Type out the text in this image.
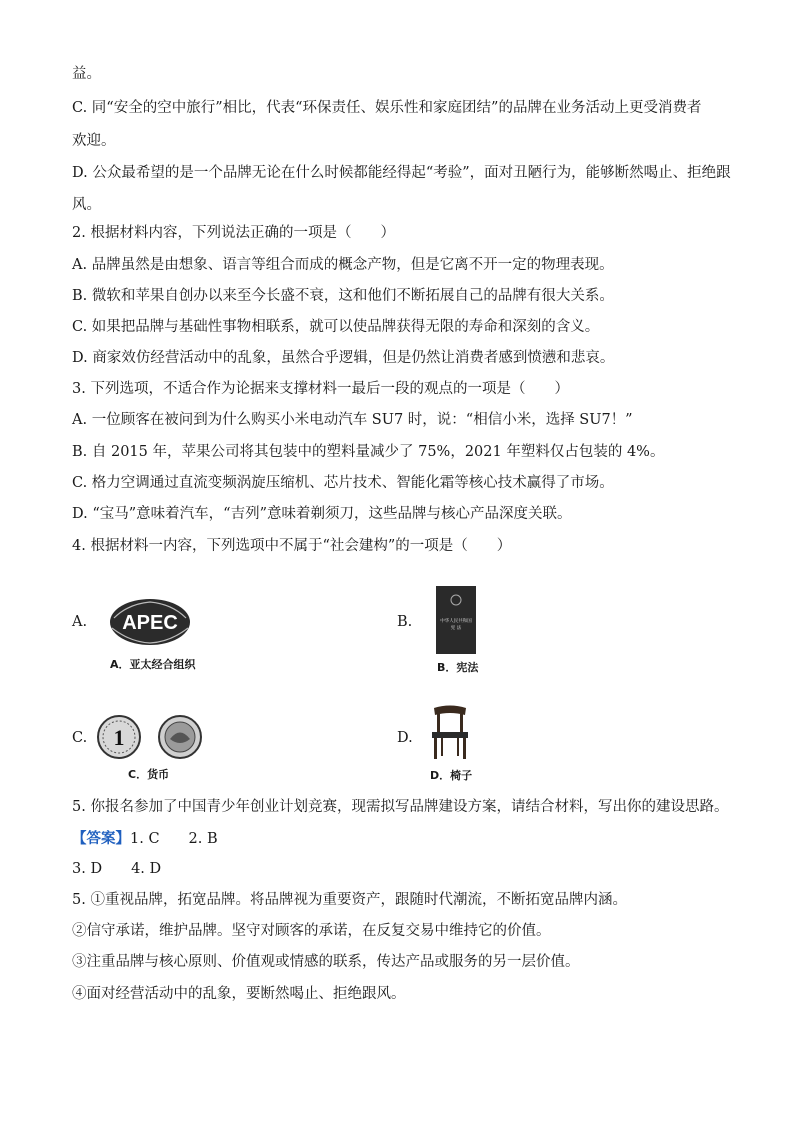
益。
C. 同“安全的空中旅行”相比，代表“环保责任、娱乐性和家庭团结”的品牌在业务活动上更受消费者
欢迎。
D. 公众最希望的是一个品牌无论在什么时候都能经得起“考验”，面对丑陋行为，能够断然喝止、拒绝跟
风。
2. 根据材料内容，下列说法正确的一项是（　　）
A. 品牌虽然是由想象、语言等组合而成的概念产物，但是它离不开一定的物理表现。
B. 微软和苹果自创办以来至今长盛不衰，这和他们不断拓展自己的品牌有很大关系。
C. 如果把品牌与基础性事物相联系，就可以使品牌获得无限的寿命和深刻的含义。
D. 商家效仿经营活动中的乱象，虽然合乎逻辑，但是仍然让消费者感到愤懑和悲哀。
3. 下列选项，不适合作为论据来支撑材料一最后一段的观点的一项是（　　）
A. 一位顾客在被问到为什么购买小米电动汽车 SU7 时，说：“相信小米，选择 SU7！”
B. 自 2015 年，苹果公司将其包装中的塑料量减少了 75%，2021 年塑料仅占包装的 4%。
C. 格力空调通过直流变频涡旋压缩机、芯片技术、智能化霜等核心技术赢得了市场。
D. “宝马”意味着汽车，“吉列”意味着剃须刀，这些品牌与核心产品深度关联。
4. 根据材料一内容，下列选项中不属于“社会建构”的一项是（　　）
A. APEC
A．亚太经合组织
B.	中华人民共和国
宪 法
B．宪法
C. 1
C．货币
D.
D．椅子
5. 你报名参加了中国青少年创业计划竞赛，现需拟写品牌建设方案，请结合材料，写出你的建设思路。
【答案】1. C　　2. B
3. D　　4. D
5. ①重视品牌，拓宽品牌。将品牌视为重要资产，跟随时代潮流，不断拓宽品牌内涵。
②信守承诺，维护品牌。坚守对顾客的承诺，在反复交易中维持它的价值。
③注重品牌与核心原则、价值观或情感的联系，传达产品或服务的另一层价值。
④面对经营活动中的乱象，要断然喝止、拒绝跟风。
